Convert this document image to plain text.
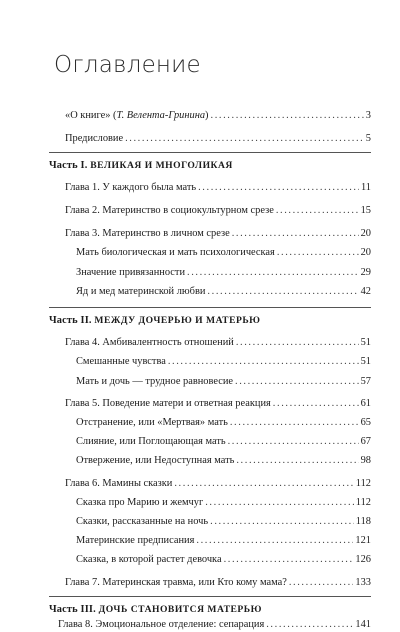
Оглавление
«О книге» (Т. Велента-Гринина) .....	3
Предисловие .....	5
Часть I. ВЕЛИКАЯ И МНОГОЛИКАЯ
Глава 1. У каждого была мать .....	11
Глава 2. Материнство в социокультурном срезе .....	15
Глава 3. Материнство в личном срезе .....	20
Мать биологическая и мать психологическая .....	20
Значение привязанности .....	29
Яд и мед материнской любви .....	42
Часть II. МЕЖДУ ДОЧЕРЬЮ И МАТЕРЬЮ
Глава 4. Амбивалентность отношений .....	51
Смешанные чувства .....	51
Мать и дочь — трудное равновесие .....	57
Глава 5. Поведение матери и ответная реакция .....	61
Отстранение, или «Мертвая» мать .....	65
Слияние, или Поглощающая мать .....	67
Отвержение, или Недоступная мать .....	98
Глава 6. Мамины сказки .....	112
Сказка про Марию и жемчуг .....	112
Сказки, рассказанные на ночь .....	118
Материнские предписания .....	121
Сказка, в которой растет девочка .....	126
Глава 7. Материнская травма, или Кто кому мама? .....	133
Часть III. ДОЧЬ СТАНОВИТСЯ МАТЕРЬЮ
Глава 8. Эмоциональное отделение: сепарация .....	141
